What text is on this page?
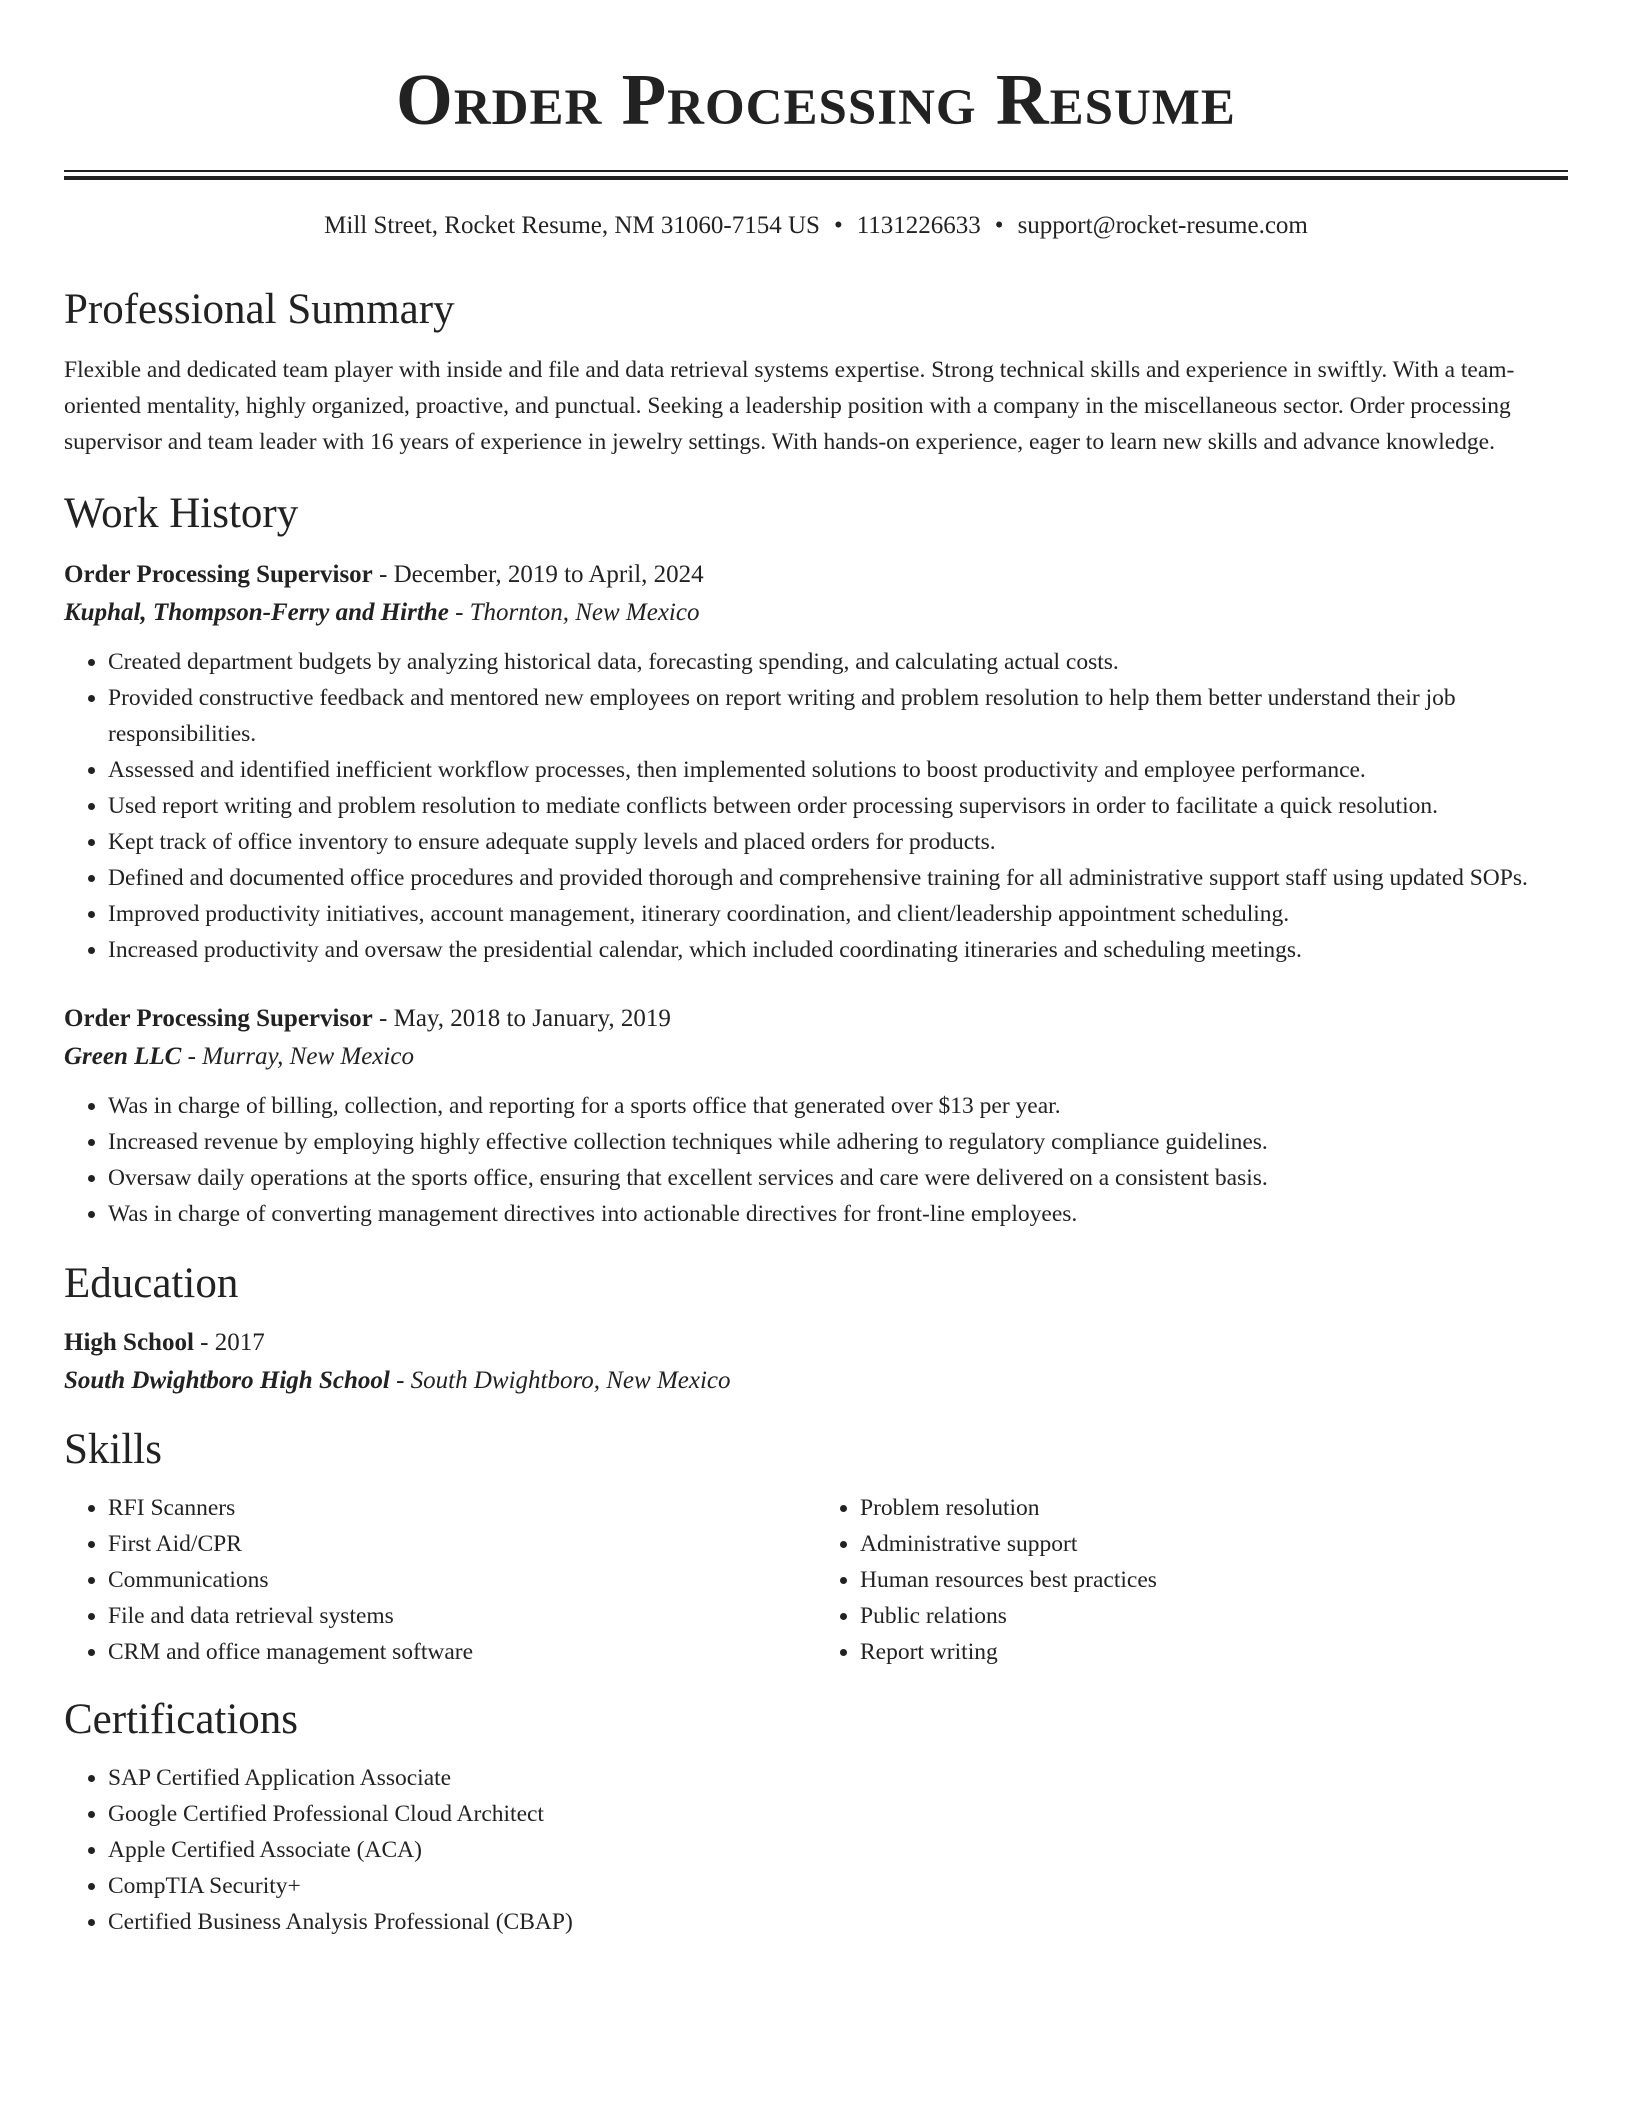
Order Processing Resume
Mill Street, Rocket Resume, NM 31060-7154 US • 1131226633 • support@rocket-resume.com
Professional Summary
Flexible and dedicated team player with inside and file and data retrieval systems expertise. Strong technical skills and experience in swiftly. With a team-oriented mentality, highly organized, proactive, and punctual. Seeking a leadership position with a company in the miscellaneous sector. Order processing supervisor and team leader with 16 years of experience in jewelry settings. With hands-on experience, eager to learn new skills and advance knowledge.
Work History
Order Processing Supervisor - December, 2019 to April, 2024
Kuphal, Thompson-Ferry and Hirthe - Thornton, New Mexico
• Created department budgets by analyzing historical data, forecasting spending, and calculating actual costs.
• Provided constructive feedback and mentored new employees on report writing and problem resolution to help them better understand their job responsibilities.
• Assessed and identified inefficient workflow processes, then implemented solutions to boost productivity and employee performance.
• Used report writing and problem resolution to mediate conflicts between order processing supervisors in order to facilitate a quick resolution.
• Kept track of office inventory to ensure adequate supply levels and placed orders for products.
• Defined and documented office procedures and provided thorough and comprehensive training for all administrative support staff using updated SOPs.
• Improved productivity initiatives, account management, itinerary coordination, and client/leadership appointment scheduling.
• Increased productivity and oversaw the presidential calendar, which included coordinating itineraries and scheduling meetings.
Order Processing Supervisor - May, 2018 to January, 2019
Green LLC - Murray, New Mexico
• Was in charge of billing, collection, and reporting for a sports office that generated over $13 per year.
• Increased revenue by employing highly effective collection techniques while adhering to regulatory compliance guidelines.
• Oversaw daily operations at the sports office, ensuring that excellent services and care were delivered on a consistent basis.
• Was in charge of converting management directives into actionable directives for front-line employees.
Education
High School - 2017
South Dwightboro High School - South Dwightboro, New Mexico
Skills
• RFI Scanners
• First Aid/CPR
• Communications
• File and data retrieval systems
• CRM and office management software
• Problem resolution
• Administrative support
• Human resources best practices
• Public relations
• Report writing
Certifications
• SAP Certified Application Associate
• Google Certified Professional Cloud Architect
• Apple Certified Associate (ACA)
• CompTIA Security+
• Certified Business Analysis Professional (CBAP)
